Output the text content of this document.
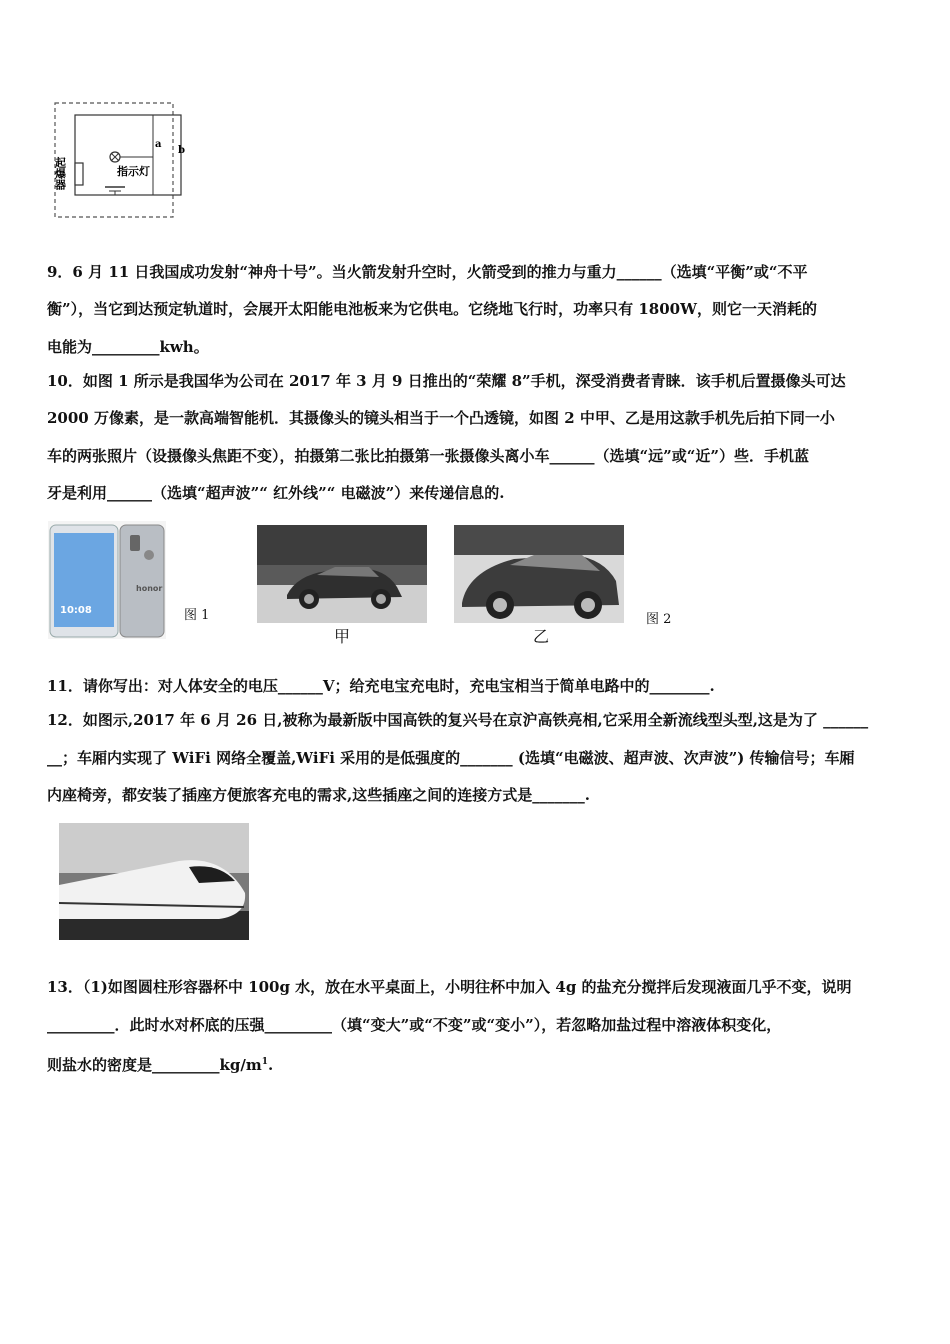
a
b
指示灯
起爆器
9．6 月 11 日我国成功发射“神舟十号”。当火箭发射升空时，火箭受到的推力与重力______（选填“平衡”或“不平
衡”），当它到达预定轨道时，会展开太阳能电池板来为它供电。它绕地飞行时，功率只有 1800W，则它一天消耗的
电能为_________kwh。
10．如图 1 所示是我国华为公司在 2017 年 3 月 9 日推出的“荣耀 8”手机，深受消费者青睐．该手机后置摄像头可达
2000 万像素，是一款高端智能机．其摄像头的镜头相当于一个凸透镜，如图 2 中甲、乙是用这款手机先后拍下同一小
车的两张照片（设摄像头焦距不变），拍摄第二张比拍摄第一张摄像头离小车______（选填“远”或“近”）些．手机蓝
牙是利用______（选填“超声波”“ 红外线”“ 电磁波”）来传递信息的.
10:08
honor
图 1
甲	乙
图 2
11．请你写出：对人体安全的电压______V；给充电宝充电时，充电宝相当于简单电路中的________.
12．如图示,2017 年 6 月 26 日,被称为最新版中国高铁的复兴号在京沪高铁亮相,它采用全新流线型头型,这是为了 ______
__；车厢内实现了 WiFi 网络全覆盖,WiFi 采用的是低强度的_______ (选填“电磁波、超声波、次声波”) 传输信号；车厢
内座椅旁，都安装了插座方便旅客充电的需求,这些插座之间的连接方式是_______.
13．（1)如图圆柱形容器杯中 100g 水，放在水平桌面上，小明往杯中加入 4g 的盐充分搅拌后发现液面几乎不变，说明
_________．此时水对杯底的压强_________（填“变大”或“不变”或“变小”），若忽略加盐过程中溶液体积变化，
则盐水的密度是$\_\_\_\_\_\_\_\_\_kg/m^1$.
